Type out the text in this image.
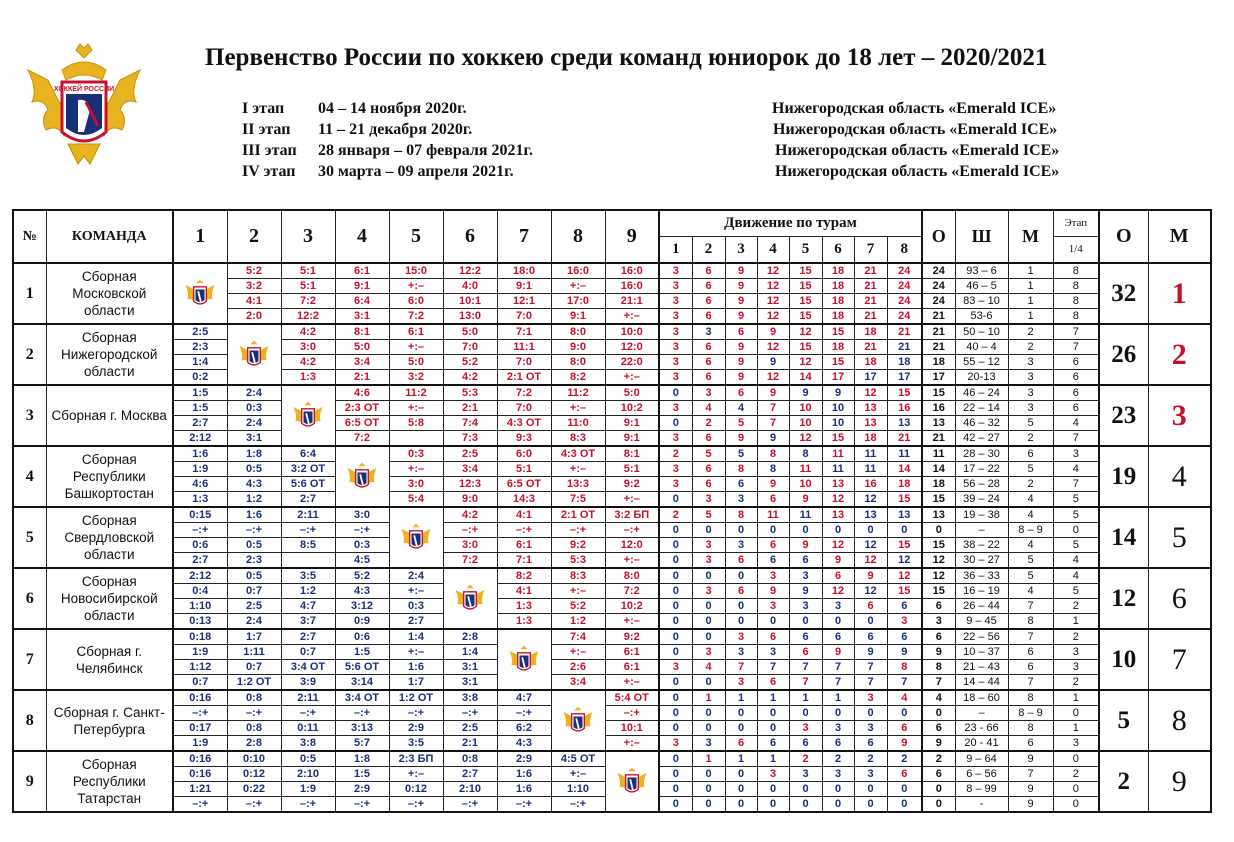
ХОККЕЙ РОССИИ
Первенство России по хоккею среди команд юниорок до 18 лет – 2020/2021
I этап 04 – 14 ноября 2020г.
II этап 11 – 21 декабря 2020г.
III этап 28 января – 07 февраля 2021г.
IV этап 30 марта – 09 апреля 2021г.
Нижегородская область «Emerald ICE»
Нижегородская область «Emerald ICE»
Нижегородская область «Emerald ICE»
Нижегородская область «Emerald ICE»
№	КОМАНДА	1	2	3	4	5	6	7	8	9	Движение по турам								О	Ш	М	Этап	О	М
											1	2	3	4	5	6	7	8				1/4		
1	Сборная Московской области		5:2	5:1	6:1	15:0	12:2	18:0	16:0	16:0	3	6	9	12	15	18	21	24	24	93 – 6	1	8	32	1
			3:2	5:1	9:1	+:–	4:0	9:1	+:–	16:0	3	6	9	12	15	18	21	24	24	46 – 5	1	8		
			4:1	7:2	6:4	6:0	10:1	12:1	17:0	21:1	3	6	9	12	15	18	21	24	24	83 – 10	1	8		
			2:0	12:2	3:1	7:2	13:0	7:0	9:1	+:–	3	6	9	12	15	18	21	24	21	53-6	1	8		
2	Сборная Нижегородской области	2:5		4:2	8:1	6:1	5:0	7:1	8:0	10:0	3	3	6	9	12	15	18	21	21	50 – 10	2	7	26	2
		2:3		3:0	5:0	+:–	7:0	11:1	9:0	12:0	3	6	9	12	15	18	21	21	21	40 – 4	2	7		
		1:4		4:2	3:4	5:0	5:2	7:0	8:0	22:0	3	6	9	9	12	15	18	18	18	55 – 12	3	6		
		0:2		1:3	2:1	3:2	4:2	2:1 ОТ	8:2	+:–	3	6	9	12	14	17	17	17	17	20-13	3	6		
3	Сборная г. Москва	1:5	2:4		4:6	11:2	5:3	7:2	11:2	5:0	0	3	6	9	9	9	12	15	15	46 – 24	3	6	23	3
		1:5	0:3		2:3 ОТ	+:–	2:1	7:0	+:–	10:2	3	4	4	7	10	10	13	16	16	22 – 14	3	6		
		2:7	2:4		6:5 ОТ	5:8	7:4	4:3 ОТ	11:0	9:1	0	2	5	7	10	10	13	13	13	46 – 32	5	4		
		2:12	3:1		7:2		7:3	9:3	8:3	9:1	3	6	9	9	12	15	18	21	21	42 – 27	2	7		
4	Сборная Республики Башкортостан	1:6	1:8	6:4		0:3	2:5	6:0	4:3 ОТ	8:1	2	5	5	8	8	11	11	11	11	28 – 30	6	3	19	4
		1:9	0:5	3:2 ОТ		+:–	3:4	5:1	+:–	5:1	3	6	8	8	11	11	11	14	14	17 – 22	5	4		
		4:6	4:3	5:6 ОТ		3:0	12:3	6:5 ОТ	13:3	9:2	3	6	6	9	10	13	16	18	18	56 – 28	2	7		
		1:3	1:2	2:7		5:4	9:0	14:3	7:5	+:–	0	3	3	6	9	12	12	15	15	39 – 24	4	5		
5	Сборная Свердловской области	0:15	1:6	2:11	3:0		4:2	4:1	2:1 ОТ	3:2 БП	2	5	8	11	11	13	13	13	13	19 – 38	4	5	14	5
		–:+	–:+	–:+	–:+		–:+	–:+	–:+	–:+	0	0	0	0	0	0	0	0	0	–	8 – 9	0		
		0:6	0:5	8:5	0:3		3:0	6:1	9:2	12:0	0	3	3	6	9	12	12	15	15	38 – 22	4	5		
		2:7	2:3		4:5		7:2	7:1	5:3	+:–	0	3	6	6	6	9	12	12	12	30 – 27	5	4		
6	Сборная Новосибирской области	2:12	0:5	3:5	5:2	2:4		8:2	8:3	8:0	0	0	0	3	3	6	9	12	12	36 – 33	5	4	12	6
		0:4	0:7	1:2	4:3	+:–		4:1	+:–	7:2	0	3	6	9	9	12	12	15	15	16 – 19	4	5		
		1:10	2:5	4:7	3:12	0:3		1:3	5:2	10:2	0	0	0	3	3	3	6	6	6	26 – 44	7	2		
		0:13	2:4	3:7	0:9	2:7		1:3	1:2	+:–	0	0	0	0	0	0	0	3	3	9 – 45	8	1		
7	Сборная г. Челябинск	0:18	1:7	2:7	0:6	1:4	2:8		7:4	9:2	0	0	3	6	6	6	6	6	6	22 – 56	7	2	10	7
		1:9	1:11	0:7	1:5	+:–	1:4		+:–	6:1	0	3	3	3	6	9	9	9	9	10 – 37	6	3		
		1:12	0:7	3:4 ОТ	5:6 ОТ	1:6	3:1		2:6	6:1	3	4	7	7	7	7	7	8	8	21 – 43	6	3		
		0:7	1:2 ОТ	3:9	3:14	1:7	3:1		3:4	+:–	0	0	3	6	7	7	7	7	7	14 – 44	7	2		
8	Сборная г. Санкт-Петербурга	0:16	0:8	2:11	3:4 ОТ	1:2 ОТ	3:8	4:7		5:4 ОТ	0	1	1	1	1	1	3	4	4	18 – 60	8	1	5	8
		–:+	–:+	–:+	–:+	–:+	–:+	–:+		–:+	0	0	0	0	0	0	0	0	0	–	8 – 9	0		
		0:17	0:8	0:11	3:13	2:9	2:5	6:2		10:1	0	0	0	0	3	3	3	6	6	23 - 66	8	1		
		1:9	2:8	3:8	5:7	3:5	2:1	4:3		+:–	3	3	6	6	6	6	6	9	9	20 - 41	6	3		
9	Сборная Республики Татарстан	0:16	0:10	0:5	1:8	2:3 БП	0:8	2:9	4:5 ОТ		0	1	1	1	2	2	2	2	2	9 – 64	9	0	2	9
		0:16	0:12	2:10	1:5	+:–	2:7	1:6	+:–		0	0	0	3	3	3	3	6	6	6 – 56	7	2		
		1:21	0:22	1:9	2:9	0:12	2:10	1:6	1:10		0	0	0	0	0	0	0	0	0	8 – 99	9	0		
		–:+	–:+	–:+	–:+	–:+	–:+	–:+	–:+		0	0	0	0	0	0	0	0	0	-	9	0		
